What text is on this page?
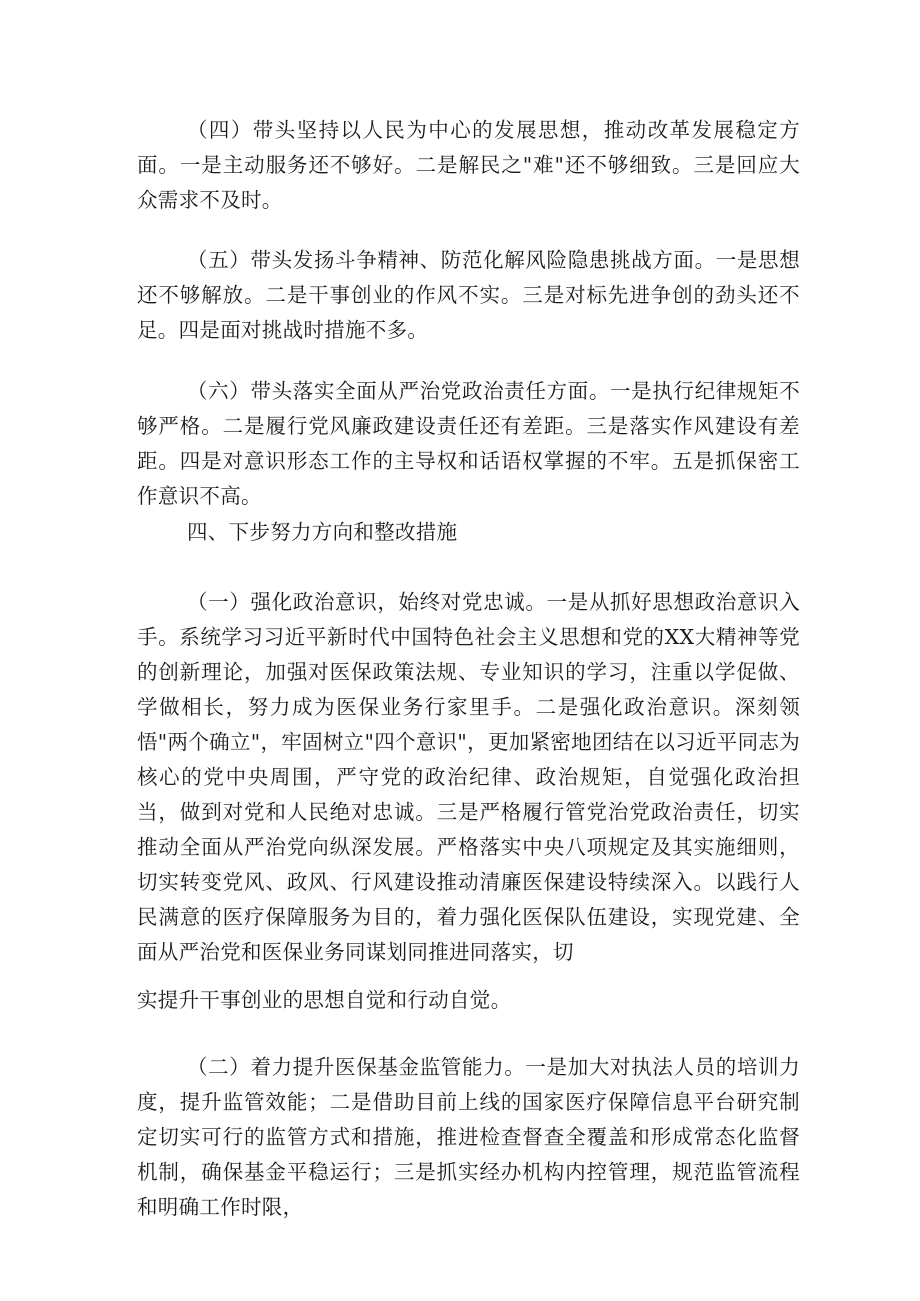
（四）带头坚持以人民为中心的发展思想，推动改革发展稳定方面。一是主动服务还不够好。二是解民之"难"还不够细致。三是回应大众需求不及时。

（五）带头发扬斗争精神、防范化解风险隐患挑战方面。一是思想还不够解放。二是干事创业的作风不实。三是对标先进争创的劲头还不足。四是面对挑战时措施不多。

（六）带头落实全面从严治党政治责任方面。一是执行纪律规矩不够严格。二是履行党风廉政建设责任还有差距。三是落实作风建设有差距。四是对意识形态工作的主导权和话语权掌握的不牢。五是抓保密工作意识不高。

四、下步努力方向和整改措施

（一）强化政治意识，始终对党忠诚。一是从抓好思想政治意识入手。系统学习习近平新时代中国特色社会主义思想和党的XX大精神等党的创新理论，加强对医保政策法规、专业知识的学习，注重以学促做、学做相长，努力成为医保业务行家里手。二是强化政治意识。深刻领悟"两个确立"，牢固树立"四个意识"，更加紧密地团结在以习近平同志为核心的党中央周围，严守党的政治纪律、政治规矩，自觉强化政治担当，做到对党和人民绝对忠诚。三是严格履行管党治党政治责任，切实推动全面从严治党向纵深发展。严格落实中央八项规定及其实施细则，切实转变党风、政风、行风建设推动清廉医保建设特续深入。以践行人民满意的医疗保障服务为目的，着力强化医保队伍建设，实现党建、全面从严治党和医保业务同谋划同推进同落实，切

实提升干事创业的思想自觉和行动自觉。

（二）着力提升医保基金监管能力。一是加大对执法人员的培训力度，提升监管效能；二是借助目前上线的国家医疗保障信息平台研究制定切实可行的监管方式和措施，推进检查督查全覆盖和形成常态化监督机制，确保基金平稳运行；三是抓实经办机构内控管理，规范监管流程和明确工作时限，
